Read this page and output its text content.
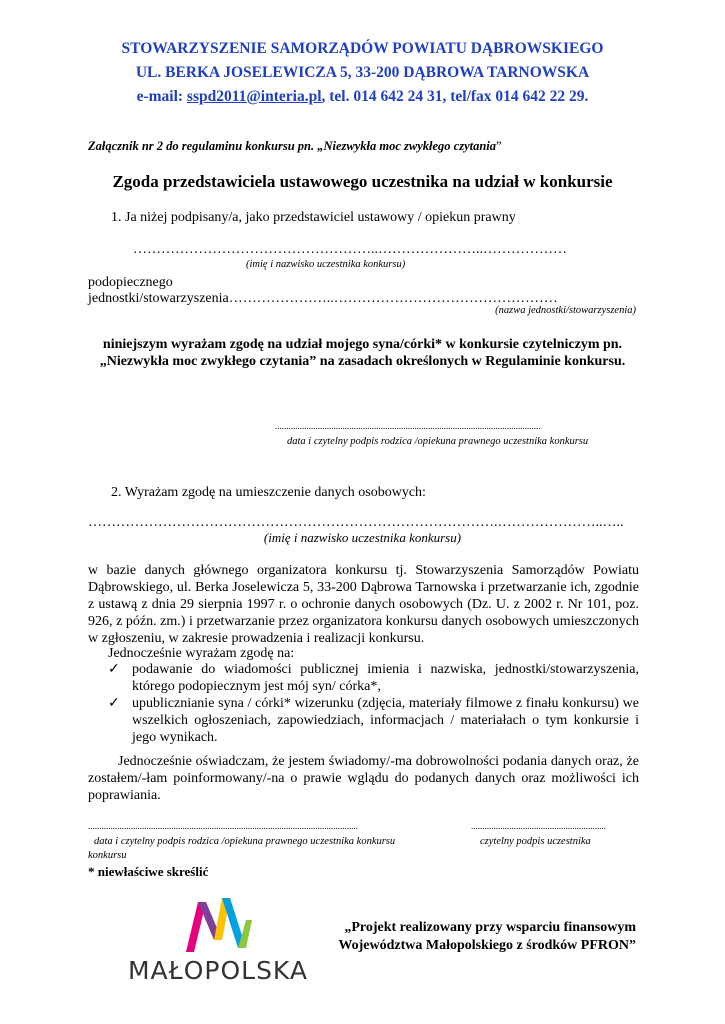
STOWARZYSZENIE SAMORZĄDÓW POWIATU DĄBROWSKIEGO
UL. BERKA JOSELEWICZA 5, 33-200 DĄBROWA TARNOWSKA
e-mail: sspd2011@interia.pl, tel. 014 642 24 31, tel/fax 014 642 22 29.
Załącznik nr 2 do regulaminu konkursu pn. „Niezwykła moc zwykłego czytania”
Zgoda przedstawiciela ustawowego uczestnika na udział w konkursie
1. Ja niżej podpisany/a, jako przedstawiciel ustawowy / opiekun prawny
……………………………………………..…………………..………………
(imię i nazwisko uczestnika konkursu)
podopiecznego
jednostki/stowarzyszenia…………………..…………………………………………
(nazwa jednostki/stowarzyszenia)
niniejszym wyrażam zgodę na udział mojego syna/córki* w konkursie czytelniczym pn.
„Niezwykła moc zwykłego czytania” na zasadach określonych w Regulaminie konkursu.
......................................................................................................................
data i czytelny podpis rodzica /opiekuna prawnego uczestnika konkursu
2. Wyrażam zgodę na umieszczenie danych osobowych:
…………………………………………………………………………….…………………..…..
(imię i nazwisko uczestnika konkursu)
w bazie danych głównego organizatora konkursu tj. Stowarzyszenia Samorządów Powiatu Dąbrowskiego, ul. Berka Joselewicza 5, 33-200 Dąbrowa Tarnowska i przetwarzanie ich, zgodnie z ustawą z dnia 29 sierpnia 1997 r. o ochronie danych osobowych (Dz. U. z 2002 r. Nr 101, poz. 926, z późn. zm.) i przetwarzanie przez organizatora konkursu danych osobowych umieszczonych w zgłoszeniu, w zakresie prowadzenia i realizacji konkursu.
Jednocześnie wyrażam zgodę na:
✓ podawanie do wiadomości publicznej imienia i nazwiska, jednostki/stowarzyszenia, którego podopiecznym jest mój syn/ córka*,
✓ upublicznianie syna / córki* wizerunku (zdjęcia, materiały filmowe z finału konkursu) we wszelkich ogłoszeniach, zapowiedziach, informacjach / materiałach o tym konkursie i jego wynikach.
Jednocześnie oświadczam, że jestem świadomy/-ma dobrowolności podania danych oraz, że zostałem/-łam poinformowany/-na o prawie wglądu do podanych danych oraz możliwości ich poprawiania.
........................................................................................................................
data i czytelny podpis rodzica /opiekuna prawnego uczestnika konkursu
konkursu
............................................................
czytelny podpis uczestnika
* niewłaściwe skreślić
MAŁOPOLSKA
„Projekt realizowany przy wsparciu finansowym
Województwa Małopolskiego z środków PFRON”
